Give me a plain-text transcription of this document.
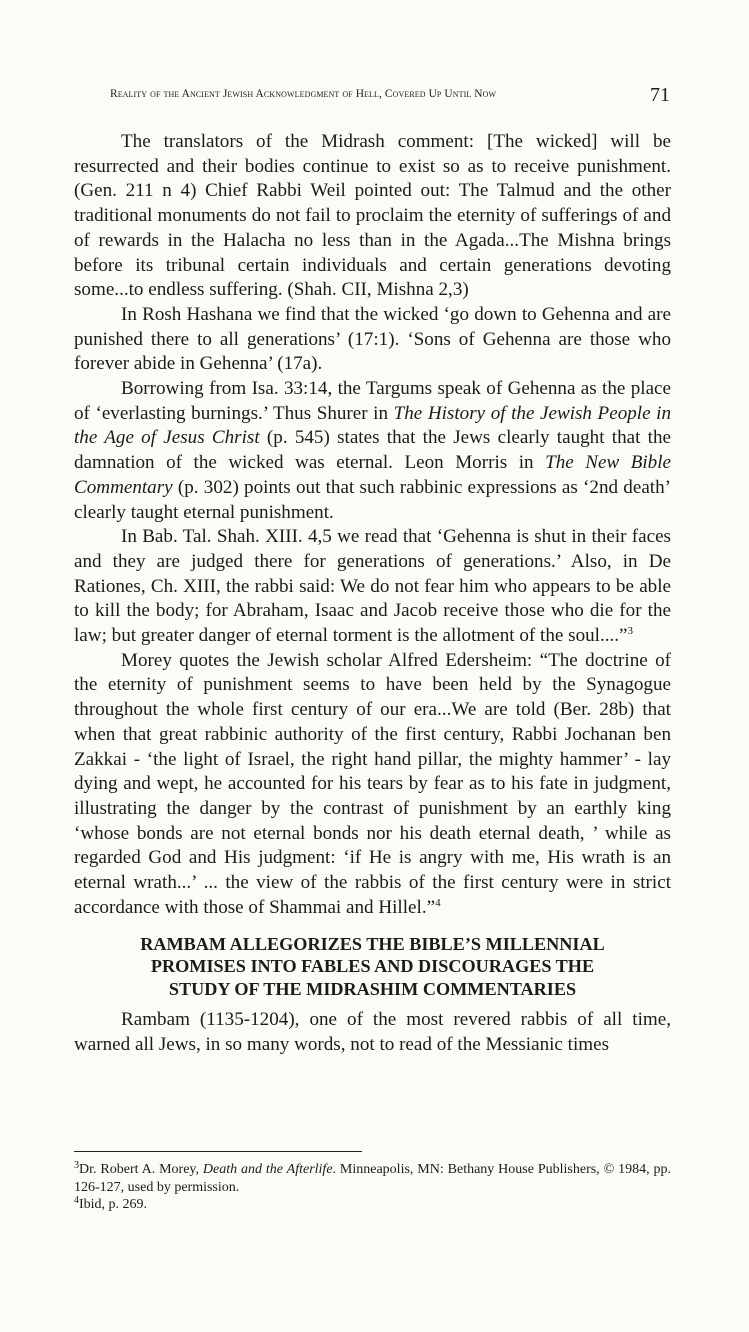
Reality of the Ancient Jewish Acknowledgment of Hell, Covered Up Until Now	71

The translators of the Midrash comment: [The wicked] will be resurrected and their bodies continue to exist so as to receive punishment. (Gen. 211 n 4) Chief Rabbi Weil pointed out: The Talmud and the other traditional monuments do not fail to proclaim the eternity of sufferings of and of rewards in the Halacha no less than in the Agada...The Mishna brings before its tribunal certain individuals and certain generations devoting some...to endless suffering. (Shah. CII, Mishna 2,3)

In Rosh Hashana we find that the wicked ‘go down to Gehenna and are punished there to all generations’ (17:1). ‘Sons of Gehenna are those who forever abide in Gehenna’ (17a).

Borrowing from Isa. 33:14, the Targums speak of Gehenna as the place of ‘everlasting burnings.’ Thus Shurer in The History of the Jewish People in the Age of Jesus Christ (p. 545) states that the Jews clearly taught that the damnation of the wicked was eternal. Leon Morris in The New Bible Commentary (p. 302) points out that such rabbinic expressions as ‘2nd death’ clearly taught eternal punishment.

In Bab. Tal. Shah. XIII. 4,5 we read that ‘Gehenna is shut in their faces and they are judged there for generations of generations.’ Also, in De Rationes, Ch. XIII, the rabbi said: We do not fear him who appears to be able to kill the body; for Abraham, Isaac and Jacob receive those who die for the law; but greater danger of eternal torment is the allotment of the soul....”$^3$

Morey quotes the Jewish scholar Alfred Edersheim: “The doctrine of the eternity of punishment seems to have been held by the Synagogue throughout the whole first century of our era...We are told (Ber. 28b) that when that great rabbinic authority of the first century, Rabbi Jochanan ben Zakkai - ‘the light of Israel, the right hand pillar, the mighty hammer’ - lay dying and wept, he accounted for his tears by fear as to his fate in judgment, illustrating the danger by the contrast of punishment by an earthly king ‘whose bonds are not eternal bonds nor his death eternal death, ’ while as regarded God and His judgment: ‘if He is angry with me, His wrath is an eternal wrath...’ ... the view of the rabbis of the first century were in strict accordance with those of Shammai and Hillel.”$^4$

RAMBAM ALLEGORIZES THE BIBLE’S MILLENNIAL
PROMISES INTO FABLES AND DISCOURAGES THE
STUDY OF THE MIDRASHIM COMMENTARIES

Rambam (1135-1204), one of the most revered rabbis of all time, warned all Jews, in so many words, not to read of the Messianic times

$^3$Dr. Robert A. Morey, Death and the Afterlife. Minneapolis, MN: Bethany House Publishers, © 1984, pp. 126-127, used by permission.

$^4$Ibid, p. 269.
